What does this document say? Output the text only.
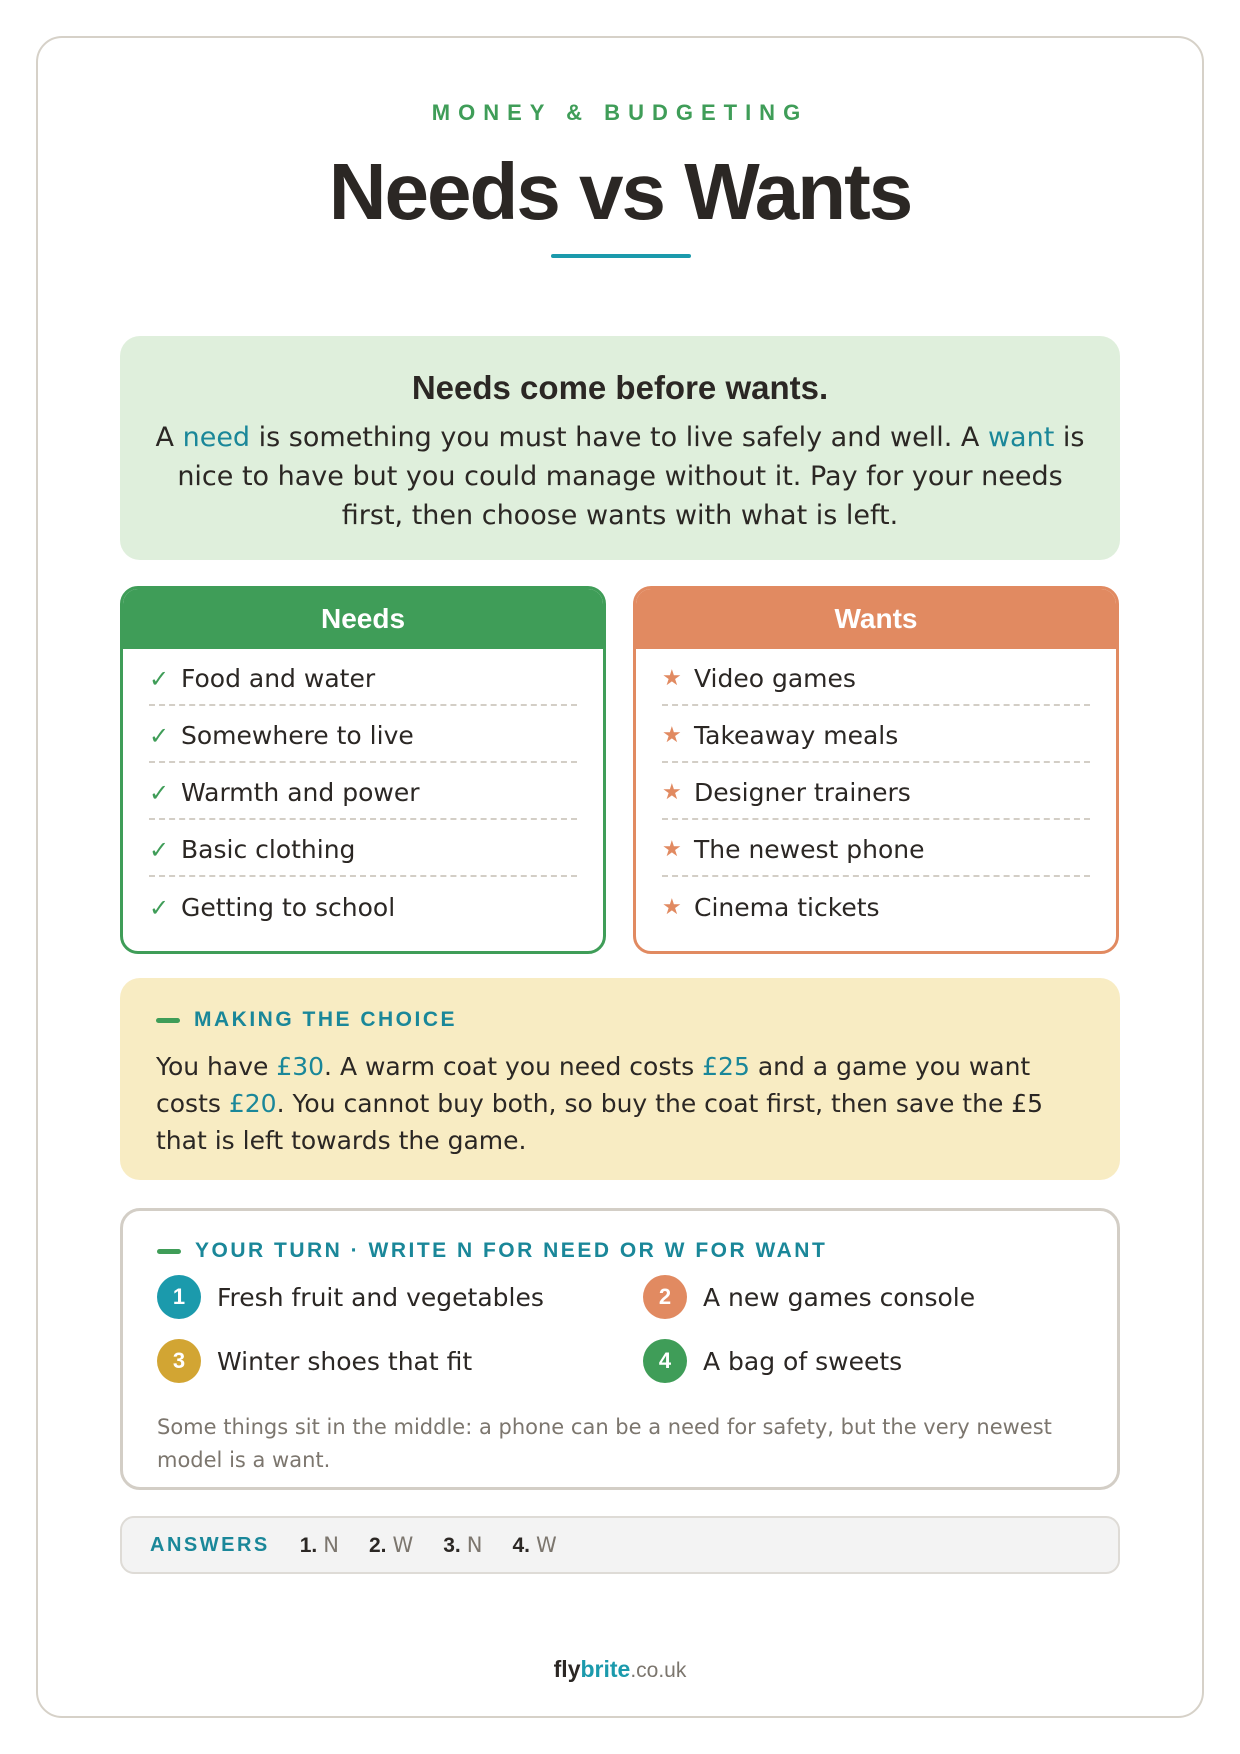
MONEY & BUDGETING
Needs vs Wants
Needs come before wants.

A need is something you must have to live safely and well. A want is nice to have but you could manage without it. Pay for your needs first, then choose wants with what is left.

Needs
✓ Food and water
✓ Somewhere to live
✓ Warmth and power
✓ Basic clothing
✓ Getting to school
Wants
★ Video games
★ Takeaway meals
★ Designer trainers
★ The newest phone
★ Cinema tickets
MAKING THE CHOICE

You have £30. A warm coat you need costs £25 and a game you want costs £20. You cannot buy both, so buy the coat first, then save the £5 that is left towards the game.

YOUR TURN · WRITE N FOR NEED OR W FOR WANT
1	Fresh fruit and vegetables	2	A new games console
3	Winter shoes that fit	4	A bag of sweets

Some things sit in the middle: a phone can be a need for safety, but the very newest model is a want.

ANSWERS 1. N 2. W 3. N 4. W
flybrite.co.uk
